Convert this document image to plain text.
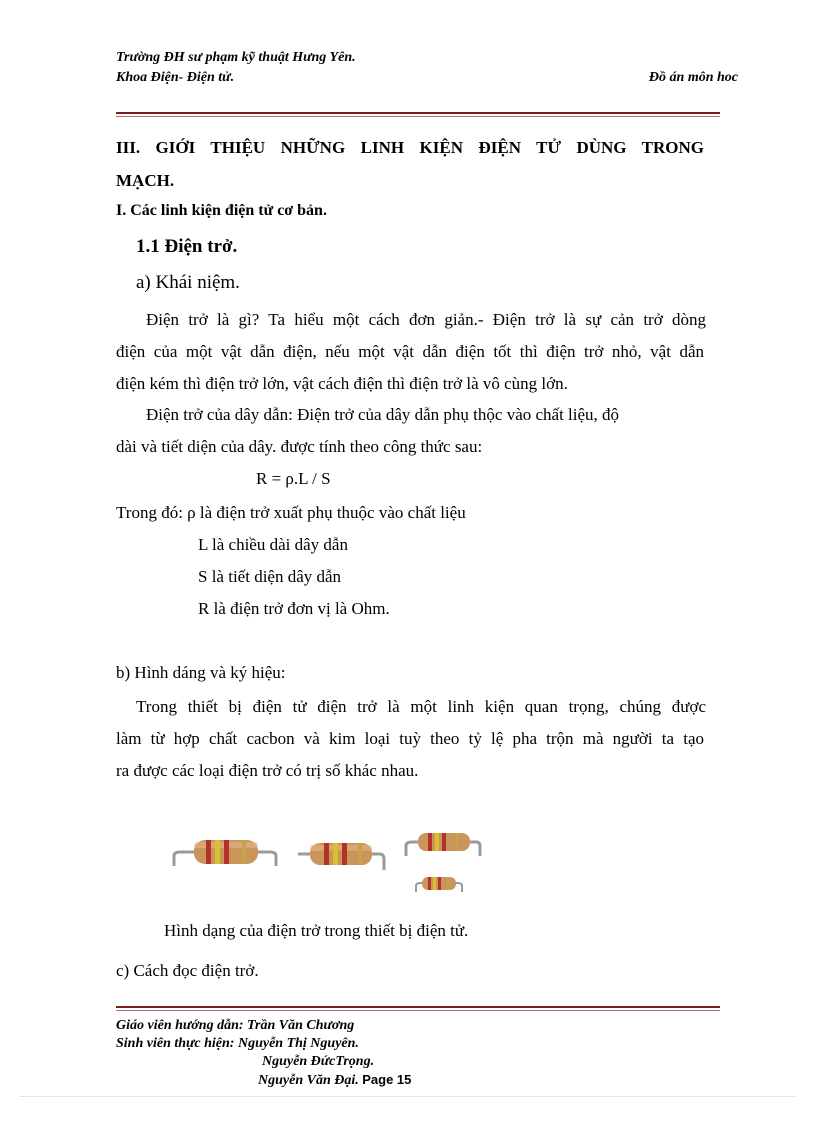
Trường ĐH sư phạm kỹ thuật Hưng Yên.
Khoa Điện- Điện tử.	Đồ án môn hoc
III. GIỚI THIỆU NHỮNG LINH KIỆN ĐIỆN TỬ DÙNG TRONG
MẠCH.
I. Các linh kiện điện tử cơ bản.
1.1 Điện trở.
a) Khái niệm.
Điện trở là gì? Ta hiểu một cách đơn giản.- Điện trở là sự cản trở dòng
điện của một vật dẫn điện, nếu một vật dẫn điện tốt thì điện trở nhỏ, vật dẫn
điện kém thì điện trở lớn, vật cách điện thì điện trở là vô cùng lớn.
Điện trở của dây dẫn: Điện trở của dây dẫn phụ thộc vào chất liệu, độ
dài và tiết diện của dây. được tính theo công thức sau:
R = ρ.L / S
Trong đó: ρ là điện trở xuất phụ thuộc vào chất liệu
L là chiều dài dây dẫn
S là tiết diện dây dẫn
R là điện trở đơn vị là Ohm.
b) Hình dáng và ký hiệu:
Trong thiết bị điện tử điện trở là một linh kiện quan trọng, chúng được
làm từ hợp chất cacbon và kim loại tuỳ theo tỷ lệ pha trộn mà người ta tạo
ra được các loại điện trở có trị số khác nhau.
Hình dạng của điện trở trong thiết bị điện tử.
c) Cách đọc điện trở.
Giáo viên hướng dẫn: Trần Văn Chương
Sinh viên thực hiện: Nguyễn Thị Nguyên.
Nguyễn ĐứcTrọng.
Nguyễn Văn Đại. Page 15
